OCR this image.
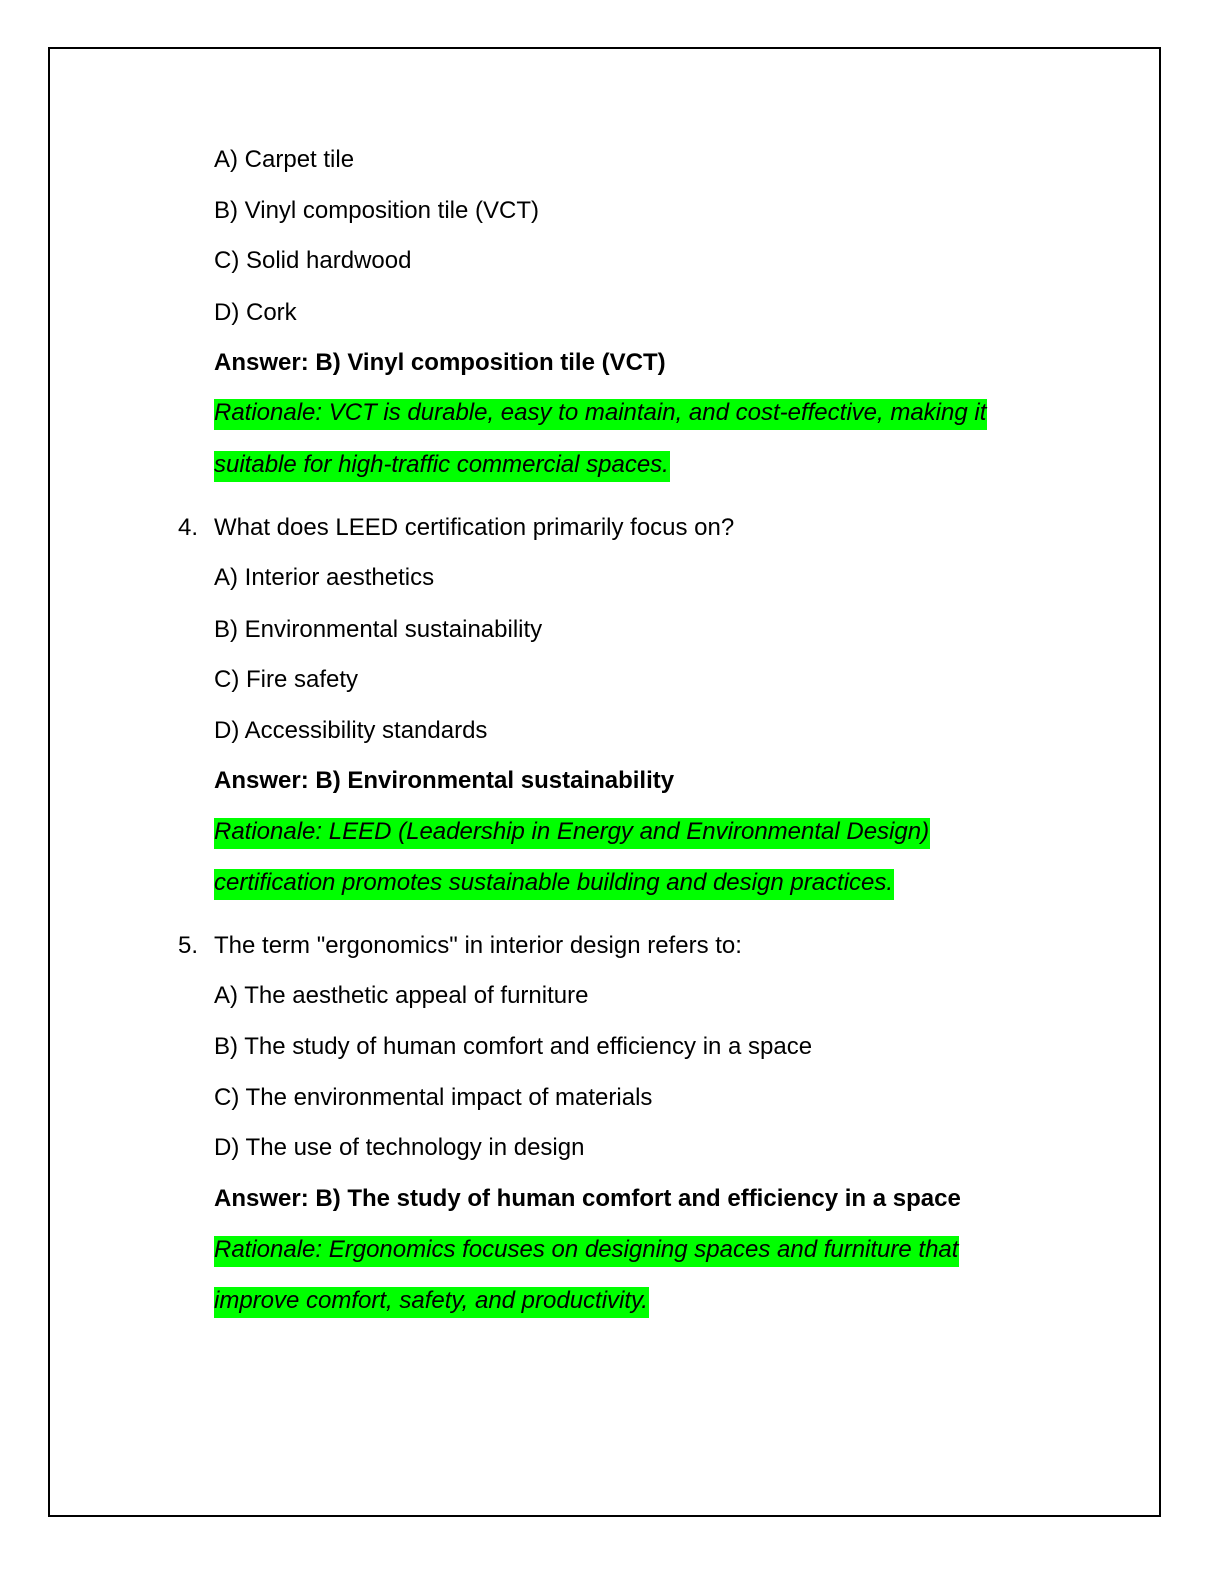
A) Carpet tile
B) Vinyl composition tile (VCT)
C) Solid hardwood
D) Cork
Answer: B) Vinyl composition tile (VCT)
Rationale: VCT is durable, easy to maintain, and cost-effective, making it
suitable for high-traffic commercial spaces.
4. What does LEED certification primarily focus on?
A) Interior aesthetics
B) Environmental sustainability
C) Fire safety
D) Accessibility standards
Answer: B) Environmental sustainability
Rationale: LEED (Leadership in Energy and Environmental Design)
certification promotes sustainable building and design practices.
5. The term "ergonomics" in interior design refers to:
A) The aesthetic appeal of furniture
B) The study of human comfort and efficiency in a space
C) The environmental impact of materials
D) The use of technology in design
Answer: B) The study of human comfort and efficiency in a space
Rationale: Ergonomics focuses on designing spaces and furniture that
improve comfort, safety, and productivity.
